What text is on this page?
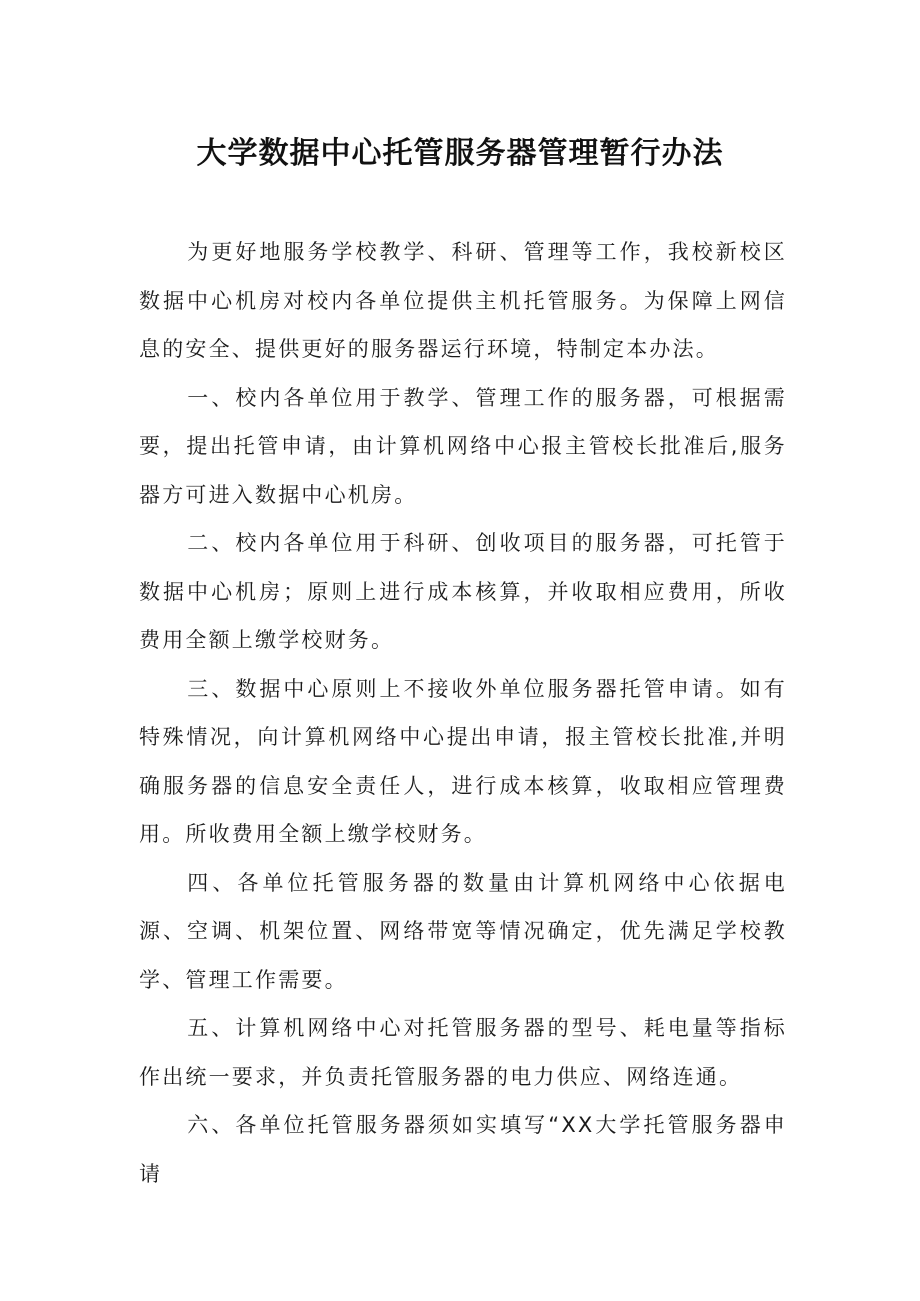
大学数据中心托管服务器管理暂行办法

为更好地服务学校教学、科研、管理等工作，我校新校区数据中心机房对校内各单位提供主机托管服务。为保障上网信息的安全、提供更好的服务器运行环境，特制定本办法。

一、校内各单位用于教学、管理工作的服务器，可根据需要，提出托管申请，由计算机网络中心报主管校长批准后,服务器方可进入数据中心机房。

二、校内各单位用于科研、创收项目的服务器，可托管于数据中心机房；原则上进行成本核算，并收取相应费用，所收费用全额上缴学校财务。

三、数据中心原则上不接收外单位服务器托管申请。如有特殊情况，向计算机网络中心提出申请，报主管校长批准,并明确服务器的信息安全责任人，进行成本核算，收取相应管理费用。所收费用全额上缴学校财务。

四、各单位托管服务器的数量由计算机网络中心依据电源、空调、机架位置、网络带宽等情况确定，优先满足学校教学、管理工作需要。

五、计算机网络中心对托管服务器的型号、耗电量等指标作出统一要求，并负责托管服务器的电力供应、网络连通。

六、各单位托管服务器须如实填写“XX大学托管服务器申请
